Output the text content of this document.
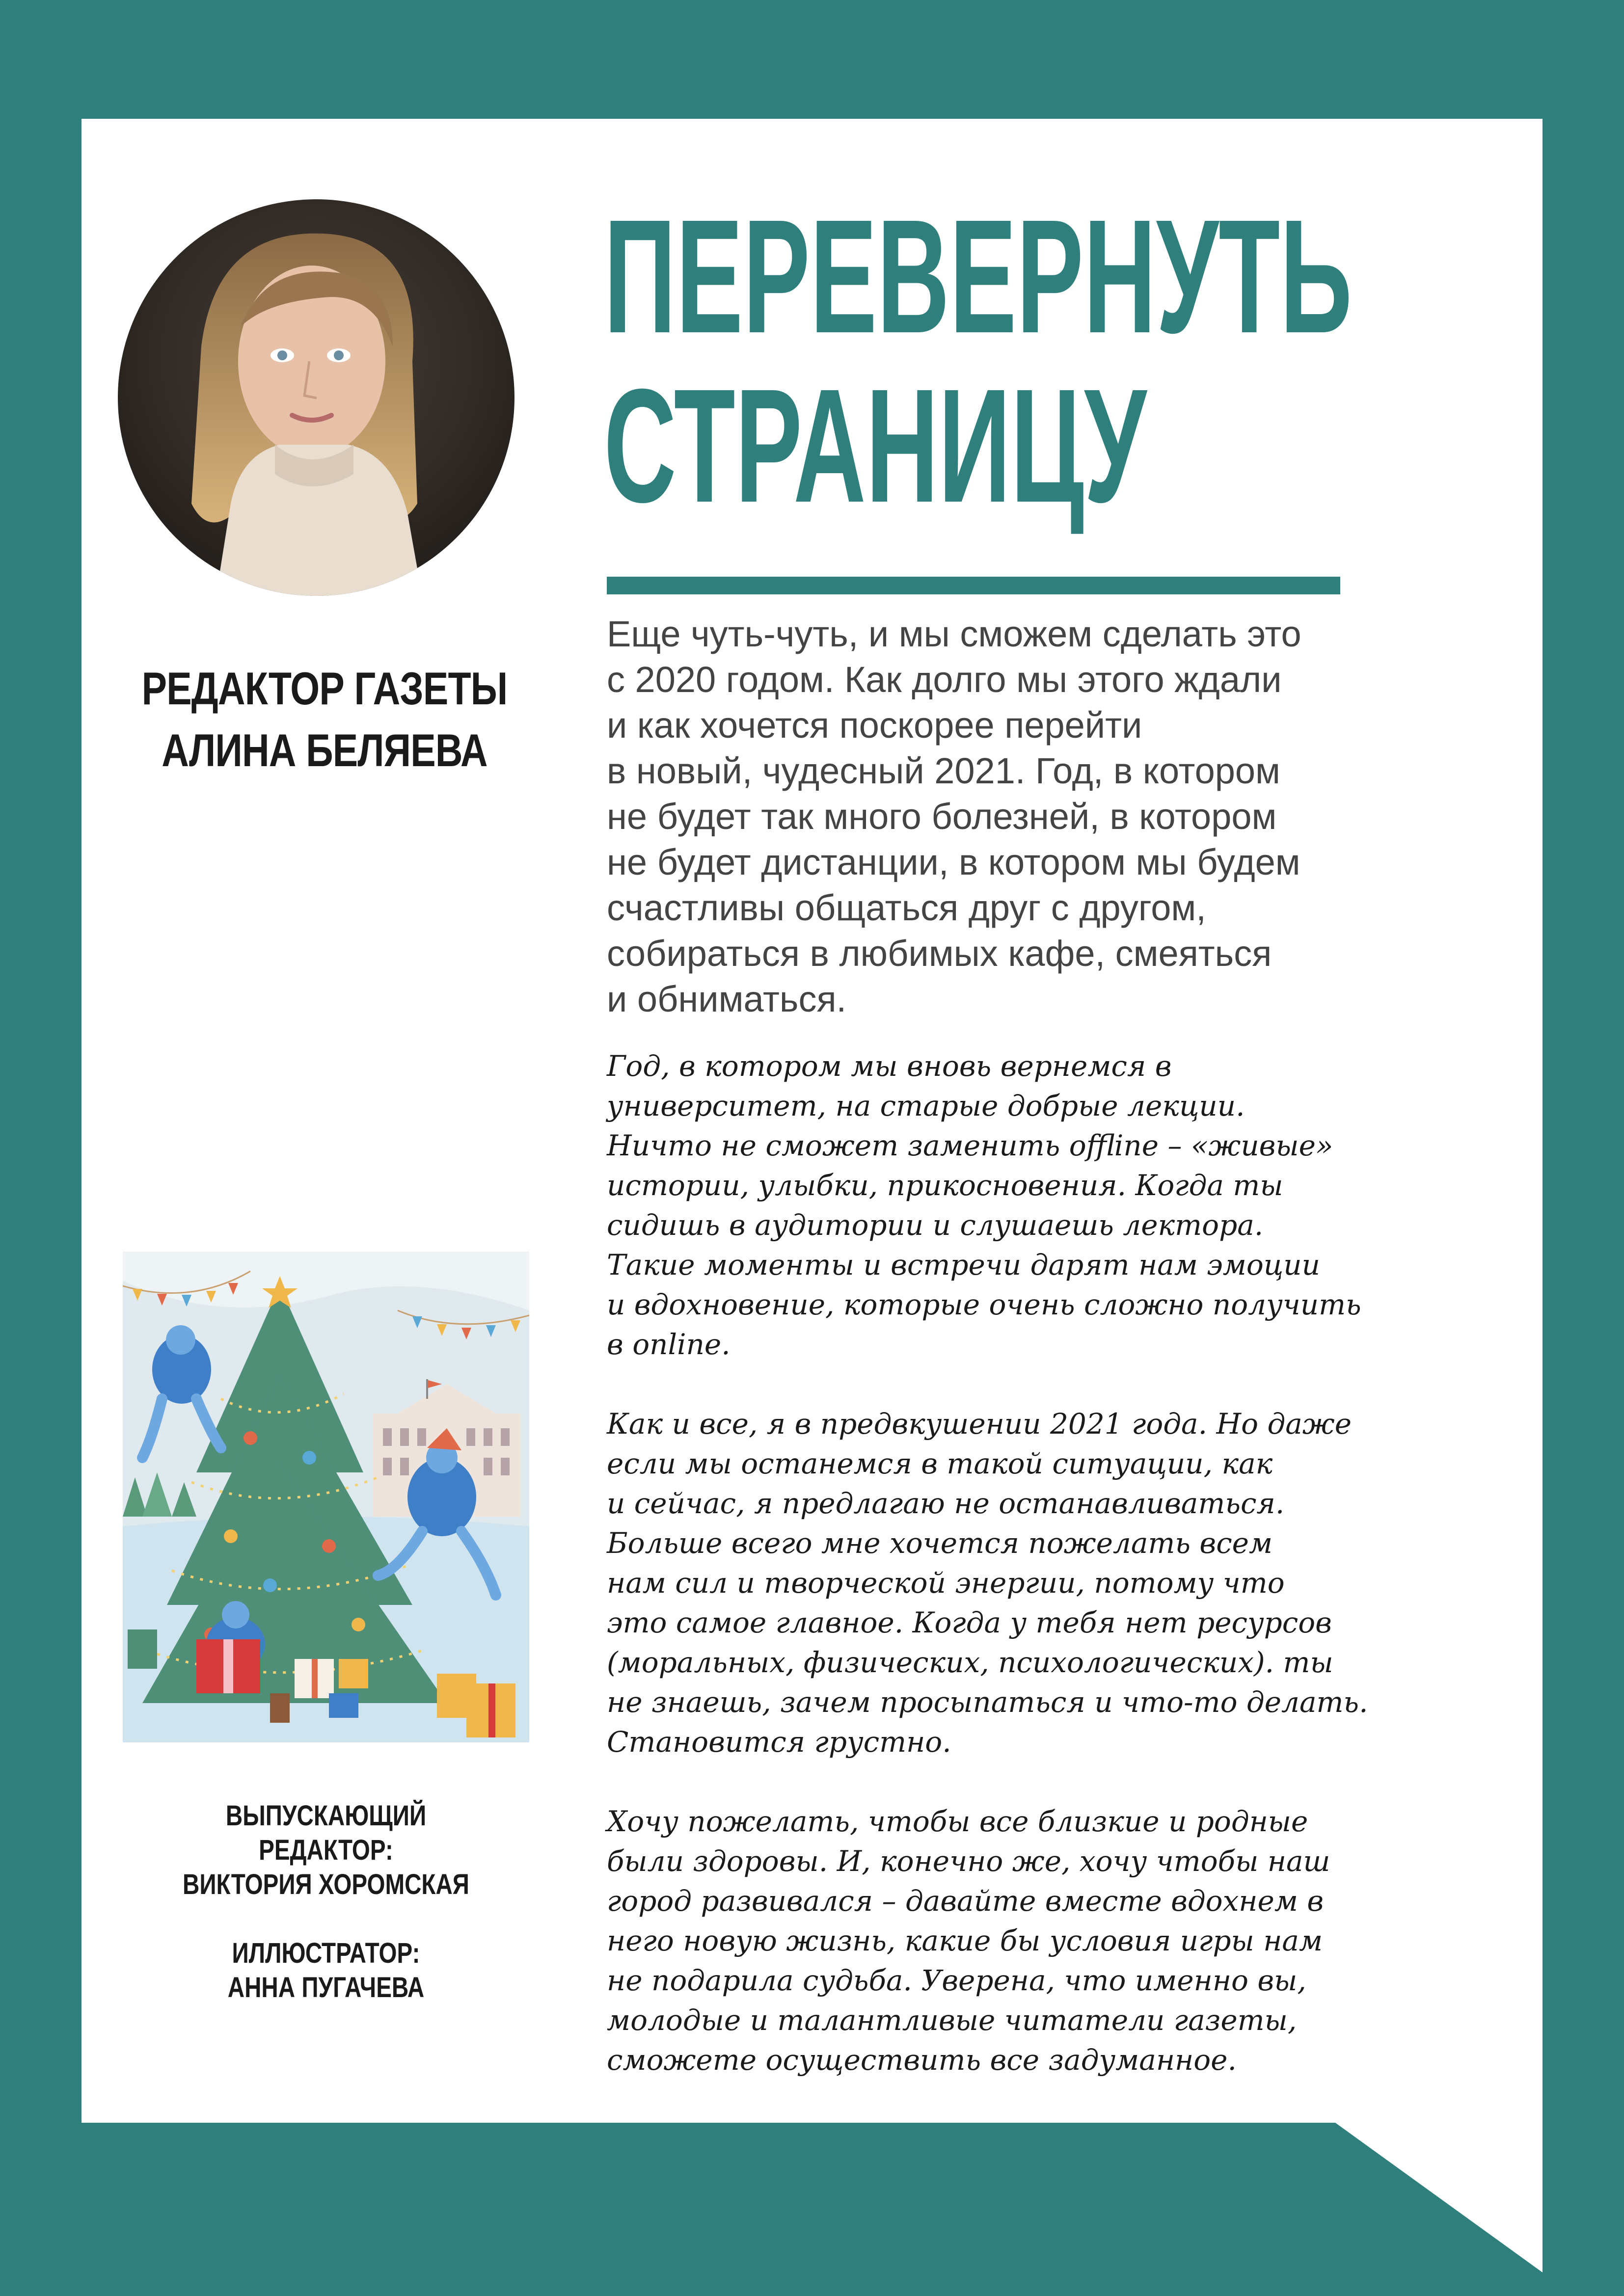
РЕДАКТОР ГАЗЕТЫ
АЛИНА БЕЛЯЕВА
ПЕРЕВЕРНУТЬ
СТРАНИЦУ
Еще чуть-чуть, и мы сможем сделать это
с 2020 годом. Как долго мы этого ждали
и как хочется поскорее перейти
в новый, чудесный 2021. Год, в котором
не будет так много болезней, в котором
не будет дистанции, в котором мы будем
счастливы общаться друг с другом,
собираться в любимых кафе, смеяться
и обниматься.
Год, в котором мы вновь вернемся в
университет, на старые добрые лекции.
Ничто не сможет заменить offline – «живые»
истории, улыбки, прикосновения. Когда ты
сидишь в аудитории и слушаешь лектора.
Такие моменты и встречи дарят нам эмоции
и вдохновение, которые очень сложно получить
в online.
Как и все, я в предвкушении 2021 года. Но даже
если мы останемся в такой ситуации, как
и сейчас, я предлагаю не останавливаться.
Больше всего мне хочется пожелать всем
нам сил и творческой энергии, потому что
это самое главное. Когда у тебя нет ресурсов
(моральных, физических, психологических). ты
не знаешь, зачем просыпаться и что-то делать.
Становится грустно.
Хочу пожелать, чтобы все близкие и родные
были здоровы. И, конечно же, хочу чтобы наш
город развивался – давайте вместе вдохнем в
него новую жизнь, какие бы условия игры нам
не подарила судьба. Уверена, что именно вы,
молодые и талантливые читатели газеты,
сможете осуществить все задуманное.
ВЫПУСКАЮЩИЙ РЕДАКТОР:
ВИКТОРИЯ ХОРОМСКАЯ
ИЛЛЮСТРАТОР:
АННА ПУГАЧЕВА
